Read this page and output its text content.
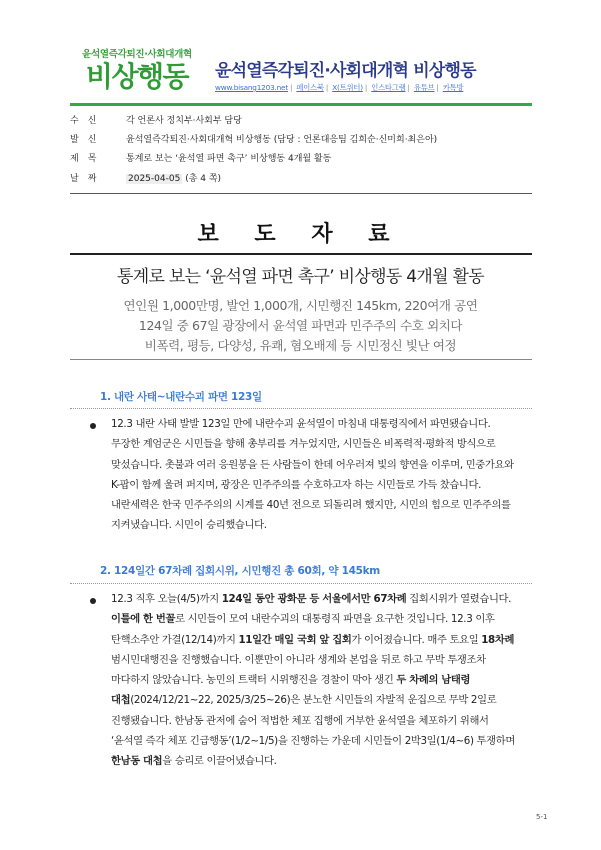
윤석열즉각퇴진·사회대개혁
비상행동	윤석열즉각퇴진·사회대개혁 비상행동
www.bisang1203.net | 페이스북 | X(트위터) | 인스타그램 | 유튜브 | 카톡방
수신	각 언론사 정치부·사회부 담당
발신	윤석열즉각퇴진·사회대개혁 비상행동 (담당 : 언론대응팀 김희순·신미희·최은아)
제목	통계로 보는 ‘윤석열 파면 촉구’ 비상행동 4개월 활동
날짜	2025-04-05 (총 4 쪽)
보 도 자 료
통계로 보는 ‘윤석열 파면 촉구’ 비상행동 4개월 활동
연인원 1,000만명, 발언 1,000개, 시민행진 145km, 220여개 공연
124일 중 67일 광장에서 윤석열 파면과 민주주의 수호 외치다
비폭력, 평등, 다양성, 유쾌, 혐오배제 등 시민정신 빛난 여정
1. 내란 사태~내란수괴 파면 123일
12.3 내란 사태 발발 123일 만에 내란수괴 윤석열이 마침내 대통령직에서 파면됐습니다.
무장한 계엄군은 시민들을 향해 총부리를 겨누었지만, 시민들은 비폭력적·평화적 방식으로
맞섰습니다. 촛불과 여러 응원봉을 든 사람들이 한데 어우러져 빛의 향연을 이루며, 민중가요와
K-팝이 함께 울려 퍼지며, 광장은 민주주의를 수호하고자 하는 시민들로 가득 찼습니다.
내란세력은 한국 민주주의의 시계를 40년 전으로 되돌리려 했지만, 시민의 힘으로 민주주의를
지켜냈습니다. 시민이 승리했습니다.
2. 124일간 67차례 집회시위, 시민행진 총 60회, 약 145km
12.3 직후 오늘(4/5)까지 124일 동안 광화문 등 서울에서만 67차례 집회시위가 열렸습니다.
이틀에 한 번꼴로 시민들이 모여 내란수괴의 대통령직 파면을 요구한 것입니다. 12.3 이후
탄핵소추안 가결(12/14)까지 11일간 매일 국회 앞 집회가 이어졌습니다. 매주 토요일 18차례
범시민대행진을 진행했습니다. 이뿐만이 아니라 생계와 본업을 뒤로 하고 무박 투쟁조차
마다하지 않았습니다. 농민의 트랙터 시위행진을 경찰이 막아 생긴 두 차례의 남태령
대첩(2024/12/21~22, 2025/3/25~26)은 분노한 시민들의 자발적 운집으로 무박 2일로
진행됐습니다. 한남동 관저에 숨어 적법한 체포 집행에 거부한 윤석열을 체포하기 위해서
‘윤석열 즉각 체포 긴급행동’(1/2~1/5)을 진행하는 가운데 시민들이 2박3일(1/4~6) 투쟁하며
한남동 대첩을 승리로 이끌어냈습니다.
5-1
